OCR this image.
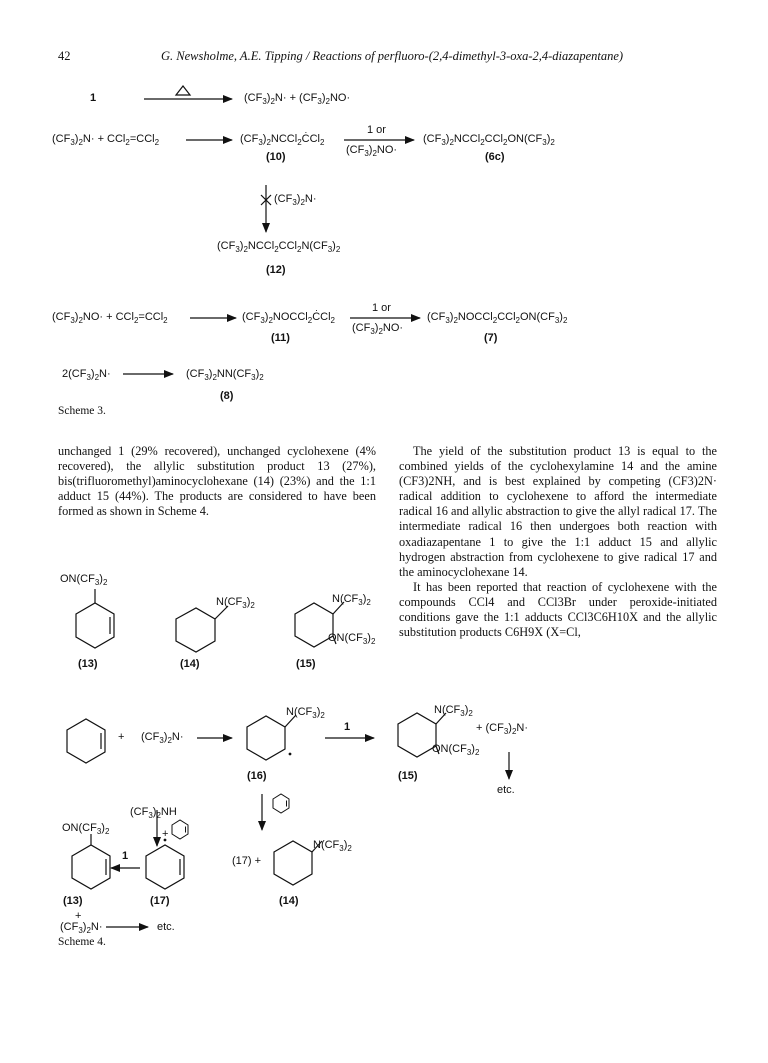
42	G. Newsholme, A.E. Tipping / Reactions of perfluoro-(2,4-dimethyl-3-oxa-2,4-diazapentane)
1	$(CF_3)_2N\cdot + (CF_3)_2NO\cdot$
$(CF_3)_2N\cdot + CCl_2=CCl_2$	$(CF_3)_2NCCl_2ĊCl_2$
(10)
1 or
$(CF_3)_2NO\cdot$
$(CF_3)_2NCCl_2CCl_2ON(CF_3)_2$
(6c)
$(CF_3)_2N\cdot$
$(CF_3)_2NCCl_2CCl_2N(CF_3)_2$
(12)
$(CF_3)_2NO\cdot + CCl_2=CCl_2$	$(CF_3)_2NOCCl_2ĊCl_2$
(11)
1 or
$(CF_3)_2NO\cdot$
$(CF_3)_2NOCCl_2CCl_2ON(CF_3)_2$
(7)
$2(CF_3)_2N\cdot$	$(CF_3)_2NN(CF_3)_2$
(8)
Scheme 3.

unchanged 1 (29% recovered), unchanged cyclohexene (4% recovered), the allylic substitution product 13 (27%), bis(trifluoromethyl)aminocyclohexane (14) (23%) and the 1:1 adduct 15 (44%). The products are considered to have been formed as shown in Scheme 4.

The yield of the substitution product 13 is equal to the combined yields of the cyclohexylamine 14 and the amine (CF3)2NH, and is best explained by competing (CF3)2N· radical addition to cyclohexene to afford the intermediate radical 16 and allylic abstraction to give the allyl radical 17. The intermediate radical 16 then undergoes both reaction with oxadiazapentane 1 to give the 1:1 adduct 15 and allylic hydrogen abstraction from cyclohexene to give radical 17 and the aminocyclohexane 14.

It has been reported that reaction of cyclohexene with the compounds CCl4 and CCl3Br under peroxide-initiated conditions gave the 1:1 adducts CCl3C6H10X and the allylic substitution products C6H9X (X=Cl,

$ON(CF_3)_2$
(13)
$N(CF_3)_2$
(14)
$N(CF_3)_2$
$ON(CF_3)_2$
(15)
+ $(CF_3)_2N\cdot$
$N(CF_3)_2$
(16)
1
$N(CF_3)_2$
$ON(CF_3)_2$
+ $(CF_3)_2N\cdot$
(15)
etc.
$(CF_3)_2NH$
$ON(CF_3)_2$	+
1	(17) +
$N(CF_3)_2$
(13)	(17)	(14)
+
$(CF_3)_2N\cdot$	etc.
Scheme 4.
